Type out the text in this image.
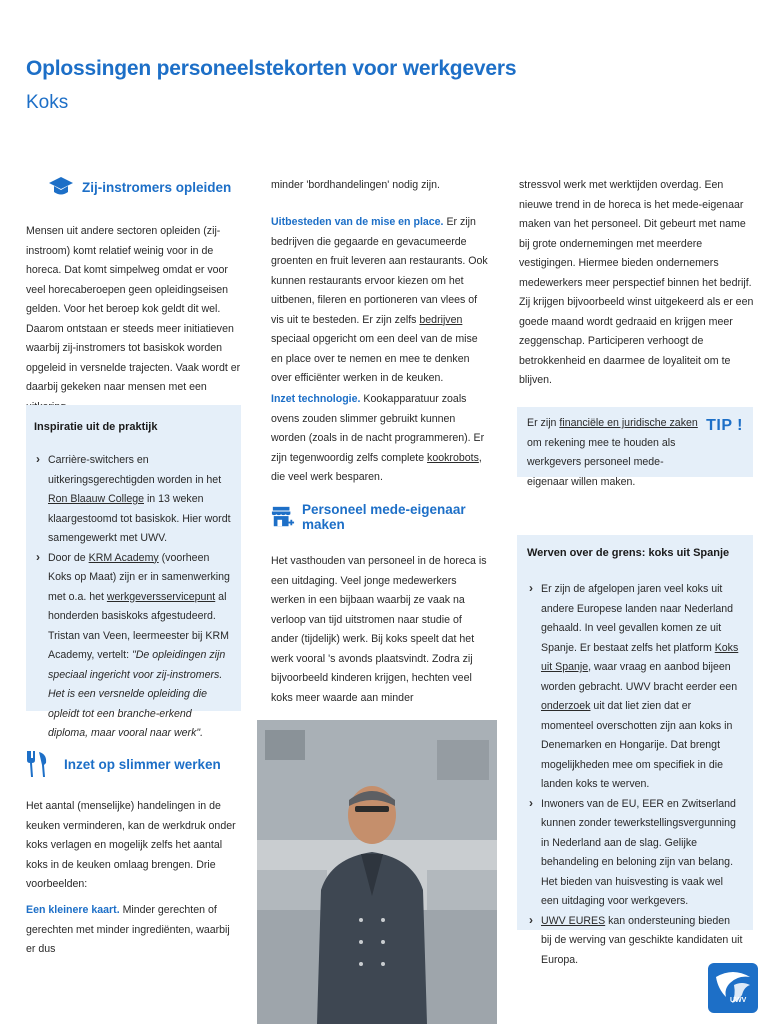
Oplossingen personeelstekorten voor werkgevers
Koks
Zij-instromers opleiden
Mensen uit andere sectoren opleiden (zij-instroom) komt relatief weinig voor in de horeca. Dat komt simpelweg omdat er voor veel horecaberoepen geen opleidingseisen gelden. Voor het beroep kok geldt dit wel. Daarom ontstaan er steeds meer initiatieven waarbij zij-instromers tot basiskok worden opgeleid in versnelde trajecten. Vaak wordt er daarbij gekeken naar mensen met een
Inspiratie uit de praktijk
› Carrière-switchers en uitkeringsgerechtigden worden in het Ron Blaauw College in 13 weken klaargestoomd tot basiskok. Hier wordt samengewerkt met UWV.
› Door de KRM Academy (voorheen Koks op Maat) zijn er in samenwerking met o.a. het werkgeversservicepunt al honderden basiskoks afgestudeerd. Tristan van Veen, leermeester bij KRM Academy, vertelt: "De opleidingen zijn speciaal ingericht voor zij-instromers. Het is een versnelde opleiding die opleidt tot een branche-erkend diploma, maar vooral naar werk".
Inzet op slimmer werken
Het aantal (menselijke) handelingen in de keuken verminderen, kan de werkdruk onder koks verlagen en mogelijk zelfs het aantal koks in de keuken omlaag brengen. Drie voorbeelden:
Een kleinere kaart. Minder gerechten of gerechten met minder ingrediënten, waarbij er dus
minder 'bordhandelingen' nodig zijn.
Uitbesteden van de mise en place. Er zijn bedrijven die gegaarde en gevacumeerde groenten en fruit leveren aan restaurants. Ook kunnen restaurants ervoor kiezen om het uitbenen, fileren en portioneren van vlees of vis uit te besteden. Er zijn zelfs bedrijven speciaal opgericht om een deel van de mise en place over te nemen en mee te denken over efficiënter werken in de keuken.
Inzet technologie. Kookapparatuur zoals ovens zouden slimmer gebruikt kunnen worden (zoals in de nacht programmeren). Er zijn tegenwoordig zelfs complete kookrobots, die veel werk besparen.
Personeel mede-eigenaar maken
Het vasthouden van personeel in de horeca is een uitdaging. Veel jonge medewerkers werken in een bijbaan waarbij ze vaak na verloop van tijd uitstromen naar studie of ander (tijdelijk) werk. Bij koks speelt dat het werk vooral 's avonds plaatsvindt. Zodra zij bijvoorbeeld kinderen krijgen, hechten veel koks meer waarde aan minder
stressvol werk met werktijden overdag. Een nieuwe trend in de horeca is het mede-eigenaar maken van het personeel. Dit gebeurt met name bij grote ondernemingen met meerdere vestigingen. Hiermee bieden ondernemers medewerkers meer perspectief binnen het bedrijf. Zij krijgen bijvoorbeeld winst uitgekeerd als er een goede maand wordt gedraaid en krijgen meer zeggenschap. Participeren verhoogt de betrokkenheid en daarmee de loyaliteit om te blijven.
Er zijn financiële en juridische zaken om rekening mee te houden als werkgevers personeel mede-eigenaar willen maken.
TIP !
Werven over de grens: koks uit Spanje
› Er zijn de afgelopen jaren veel koks uit andere Europese landen naar Nederland gehaald. In veel gevallen komen ze uit Spanje. Er bestaat zelfs het platform Koks uit Spanje, waar vraag en aanbod bijeen worden gebracht. UWV bracht eerder een onderzoek uit dat liet zien dat er momenteel overschotten zijn aan koks in Denemarken en Hongarije. Dat brengt mogelijkheden mee om specifiek in die landen koks te werven.
› Inwoners van de EU, EER en Zwitserland kunnen zonder tewerkstellingsvergunning in Nederland aan de slag. Gelijke behandeling en beloning zijn van belang. Het bieden van huisvesting is vaak wel een uitdaging voor werkgevers.
› UWV EURES kan ondersteuning bieden bij de werving van geschikte kandidaten uit Europa.
UWV
